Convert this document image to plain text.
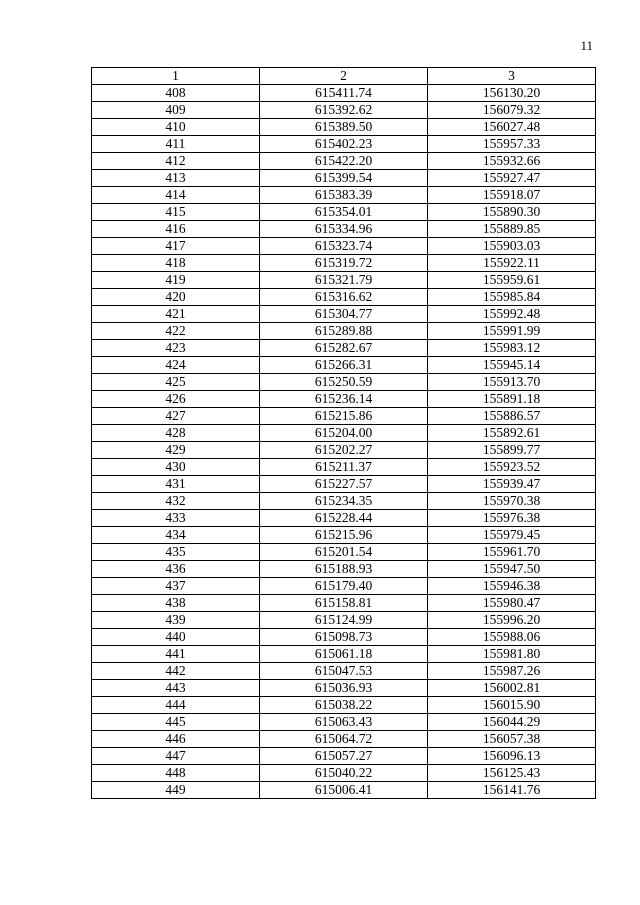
11
1	2	3
408	615411.74	156130.20
409	615392.62	156079.32
410	615389.50	156027.48
411	615402.23	155957.33
412	615422.20	155932.66
413	615399.54	155927.47
414	615383.39	155918.07
415	615354.01	155890.30
416	615334.96	155889.85
417	615323.74	155903.03
418	615319.72	155922.11
419	615321.79	155959.61
420	615316.62	155985.84
421	615304.77	155992.48
422	615289.88	155991.99
423	615282.67	155983.12
424	615266.31	155945.14
425	615250.59	155913.70
426	615236.14	155891.18
427	615215.86	155886.57
428	615204.00	155892.61
429	615202.27	155899.77
430	615211.37	155923.52
431	615227.57	155939.47
432	615234.35	155970.38
433	615228.44	155976.38
434	615215.96	155979.45
435	615201.54	155961.70
436	615188.93	155947.50
437	615179.40	155946.38
438	615158.81	155980.47
439	615124.99	155996.20
440	615098.73	155988.06
441	615061.18	155981.80
442	615047.53	155987.26
443	615036.93	156002.81
444	615038.22	156015.90
445	615063.43	156044.29
446	615064.72	156057.38
447	615057.27	156096.13
448	615040.22	156125.43
449	615006.41	156141.76
